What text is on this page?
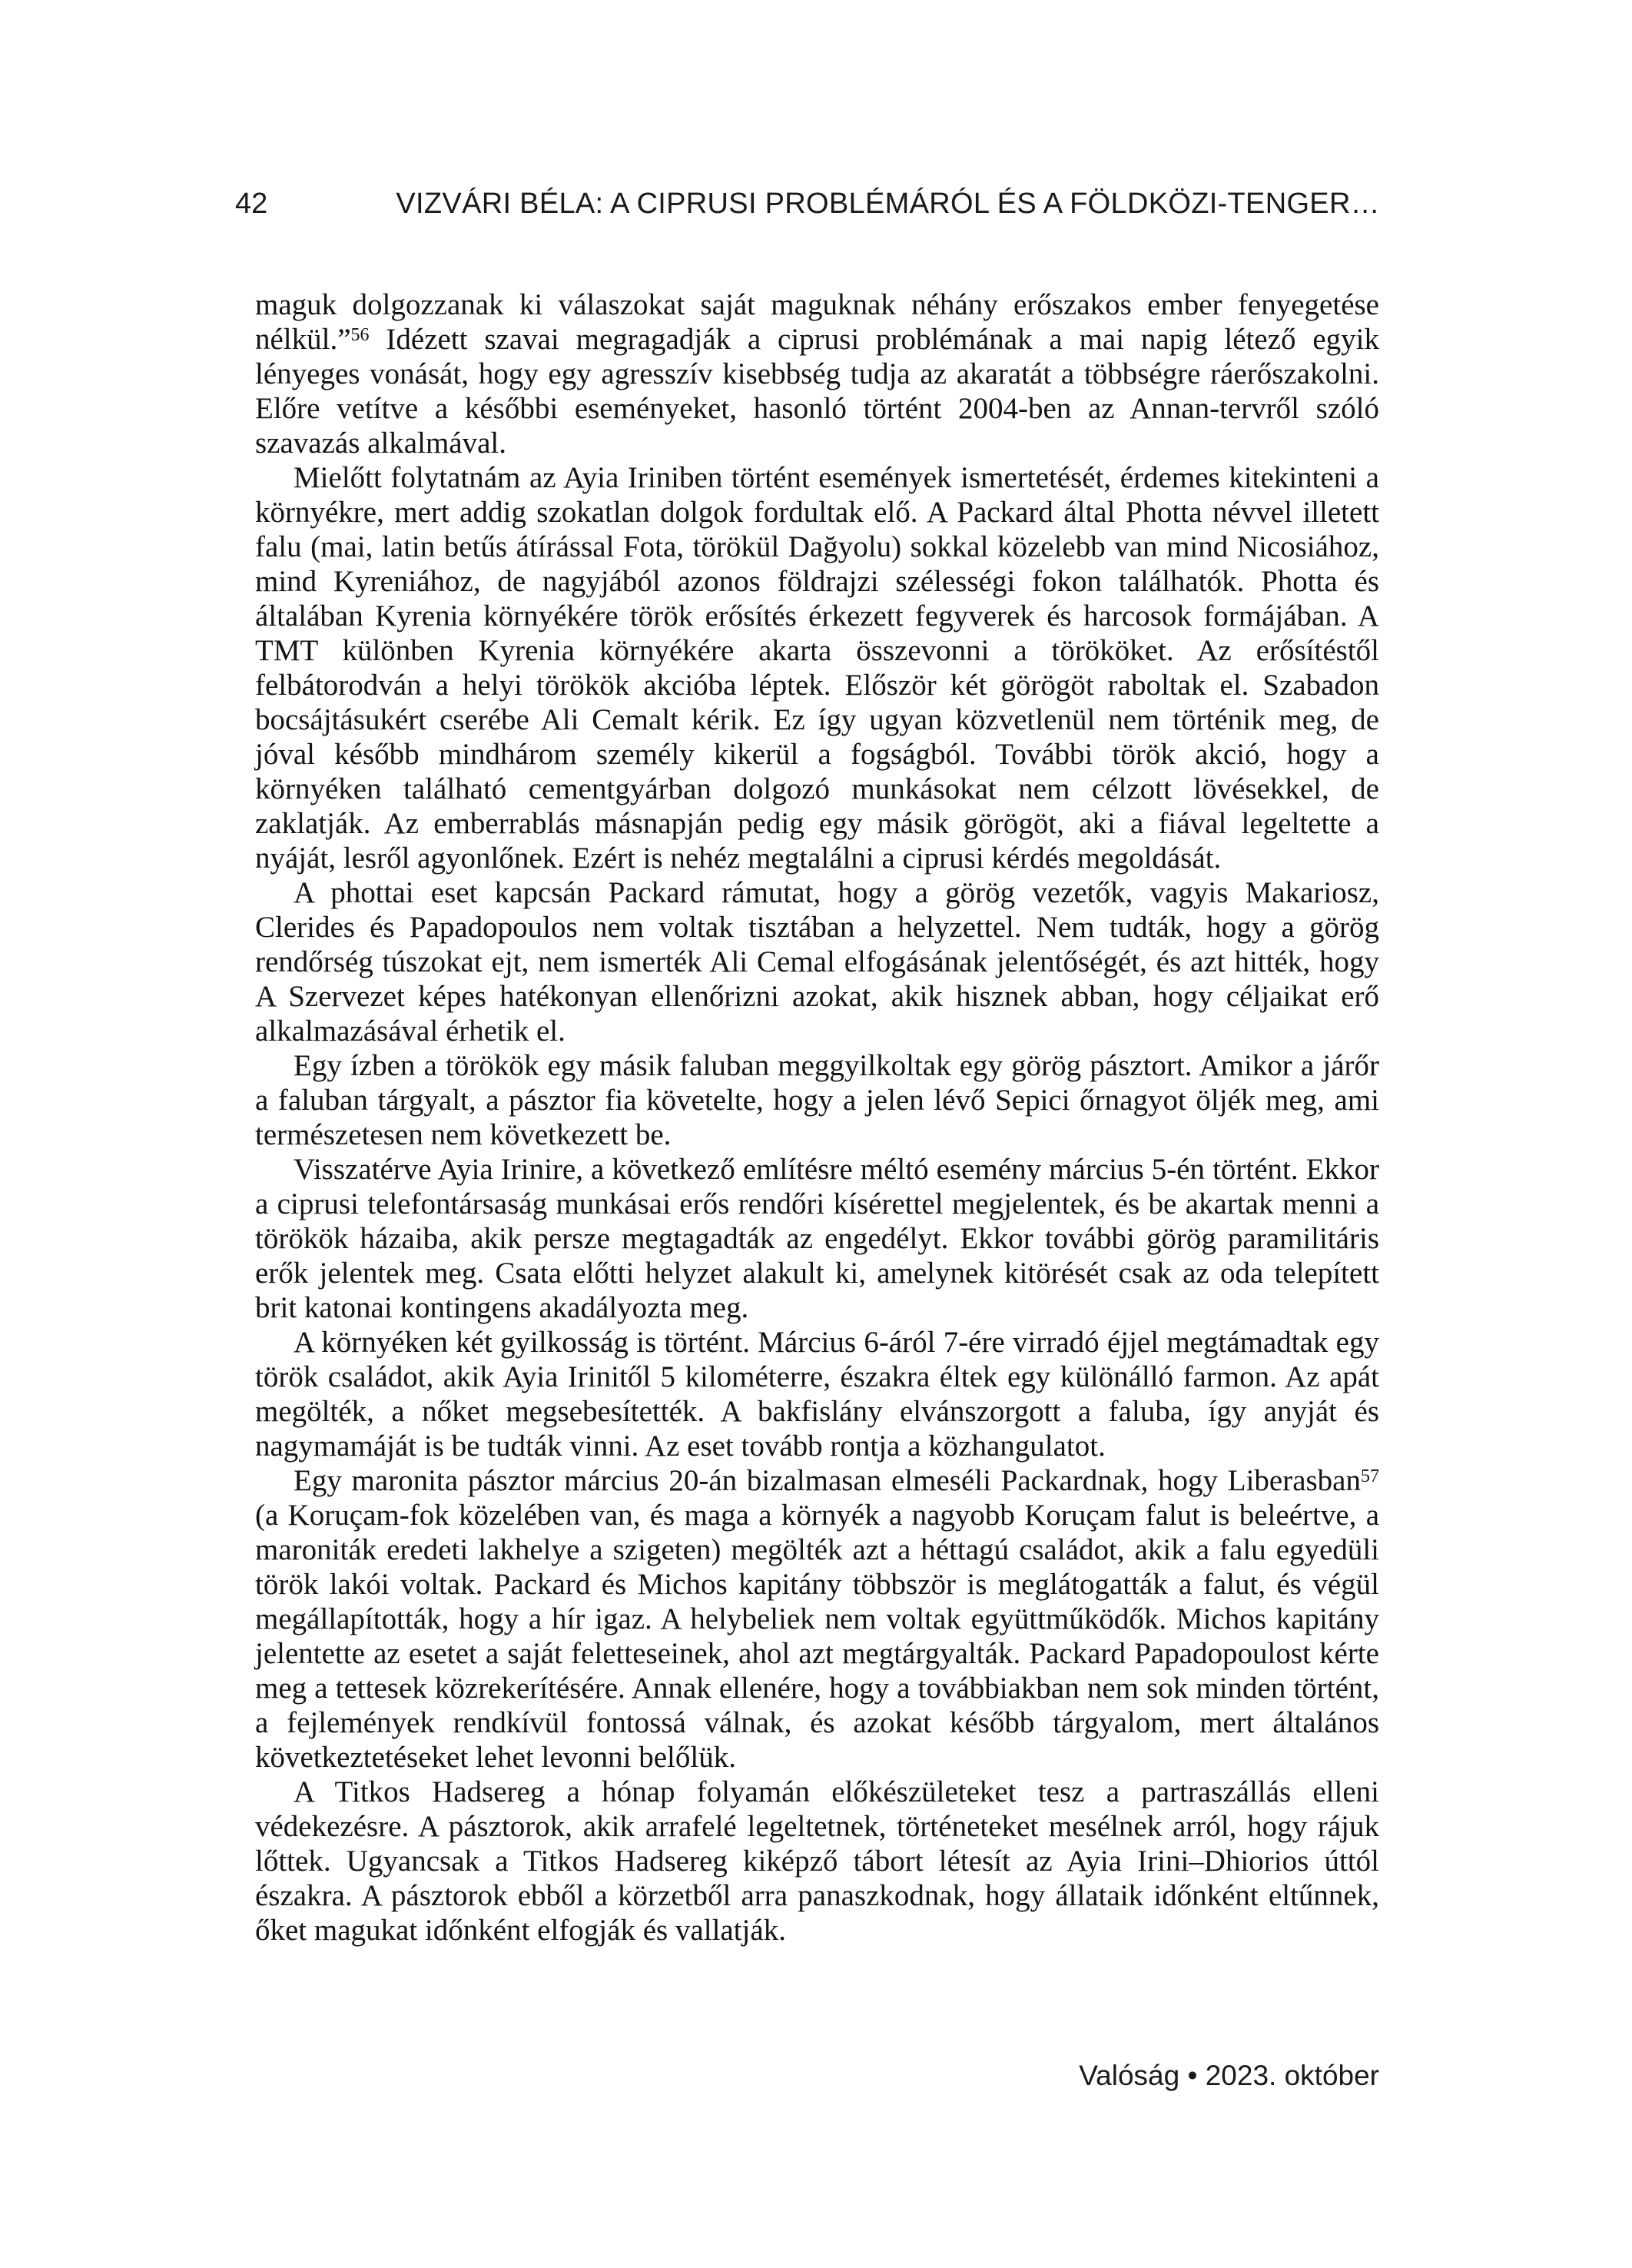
42	VIZVÁRI BÉLA: A CIPRUSI PROBLÉMÁRÓL ÉS A FÖLDKÖZI-TENGER…

maguk dolgozzanak ki válaszokat saját maguknak néhány erőszakos ember fenyegetése nélkül.”$^{56}$ Idézett szavai megragadják a ciprusi problémának a mai napig létező egyik lényeges vonását, hogy egy agresszív kisebbség tudja az akaratát a többségre ráerőszakolni. Előre vetítve a későbbi eseményeket, hasonló történt 2004-ben az Annan-tervről szóló szavazás alkalmával.

Mielőtt folytatnám az Ayia Iriniben történt események ismertetését, érdemes kitekinteni a környékre, mert addig szokatlan dolgok fordultak elő. A Packard által Photta névvel illetett falu (mai, latin betűs átírással Fota, törökül Dağyolu) sokkal közelebb van mind Nicosiához, mind Kyreniához, de nagyjából azonos földrajzi szélességi fokon találhatók. Photta és általában Kyrenia környékére török erősítés érkezett fegyverek és harcosok formájában. A TMT különben Kyrenia környékére akarta összevonni a törököket. Az erősítéstől felbátorodván a helyi törökök akcióba léptek. Először két görögöt raboltak el. Szabadon bocsájtásukért cserébe Ali Cemalt kérik. Ez így ugyan közvetlenül nem történik meg, de jóval később mindhárom személy kikerül a fogságból. További török akció, hogy a környéken található cementgyárban dolgozó munkásokat nem célzott lövésekkel, de zaklatják. Az emberrablás másnapján pedig egy másik görögöt, aki a fiával legeltette a nyáját, lesről agyonlőnek. Ezért is nehéz megtalálni a ciprusi kérdés megoldását.

A phottai eset kapcsán Packard rámutat, hogy a görög vezetők, vagyis Makariosz, Clerides és Papadopoulos nem voltak tisztában a helyzettel. Nem tudták, hogy a görög rendőrség túszokat ejt, nem ismerték Ali Cemal elfogásának jelentőségét, és azt hitték, hogy A Szervezet képes hatékonyan ellenőrizni azokat, akik hisznek abban, hogy céljaikat erő alkalmazásával érhetik el.

Egy ízben a törökök egy másik faluban meggyilkoltak egy görög pásztort. Amikor a járőr a faluban tárgyalt, a pásztor fia követelte, hogy a jelen lévő Sepici őrnagyot öljék meg, ami természetesen nem következett be.

Visszatérve Ayia Irinire, a következő említésre méltó esemény március 5-én történt. Ekkor a ciprusi telefontársaság munkásai erős rendőri kísérettel megjelentek, és be akartak menni a törökök házaiba, akik persze megtagadták az engedélyt. Ekkor további görög paramilitáris erők jelentek meg. Csata előtti helyzet alakult ki, amelynek kitörését csak az oda telepített brit katonai kontingens akadályozta meg.

A környéken két gyilkosság is történt. Március 6-áról 7-ére virradó éjjel megtámadtak egy török családot, akik Ayia Irinitől 5 kilométerre, északra éltek egy különálló farmon. Az apát megölték, a nőket megsebesítették. A bakfislány elvánszorgott a faluba, így anyját és nagymamáját is be tudták vinni. Az eset tovább rontja a közhangulatot.

Egy maronita pásztor március 20-án bizalmasan elmeséli Packardnak, hogy Liberasban$^{57}$ (a Koruçam-fok közelében van, és maga a környék a nagyobb Koruçam falut is beleértve, a maroniták eredeti lakhelye a szigeten) megölték azt a héttagú családot, akik a falu egyedüli török lakói voltak. Packard és Michos kapitány többször is meglátogatták a falut, és végül megállapították, hogy a hír igaz. A helybeliek nem voltak együttműködők. Michos kapitány jelentette az esetet a saját feletteseinek, ahol azt megtárgyalták. Packard Papadopoulost kérte meg a tettesek közrekerítésére. Annak ellenére, hogy a továbbiakban nem sok minden történt, a fejlemények rendkívül fontossá válnak, és azokat később tárgyalom, mert általános következtetéseket lehet levonni belőlük.

A Titkos Hadsereg a hónap folyamán előkészületeket tesz a partraszállás elleni védekezésre. A pásztorok, akik arrafelé legeltetnek, történeteket mesélnek arról, hogy rájuk lőttek. Ugyancsak a Titkos Hadsereg kiképző tábort létesít az Ayia Irini–Dhiorios úttól északra. A pásztorok ebből a körzetből arra panaszkodnak, hogy állataik időnként eltűnnek, őket magukat időnként elfogják és vallatják.

Valóság • 2023. október
